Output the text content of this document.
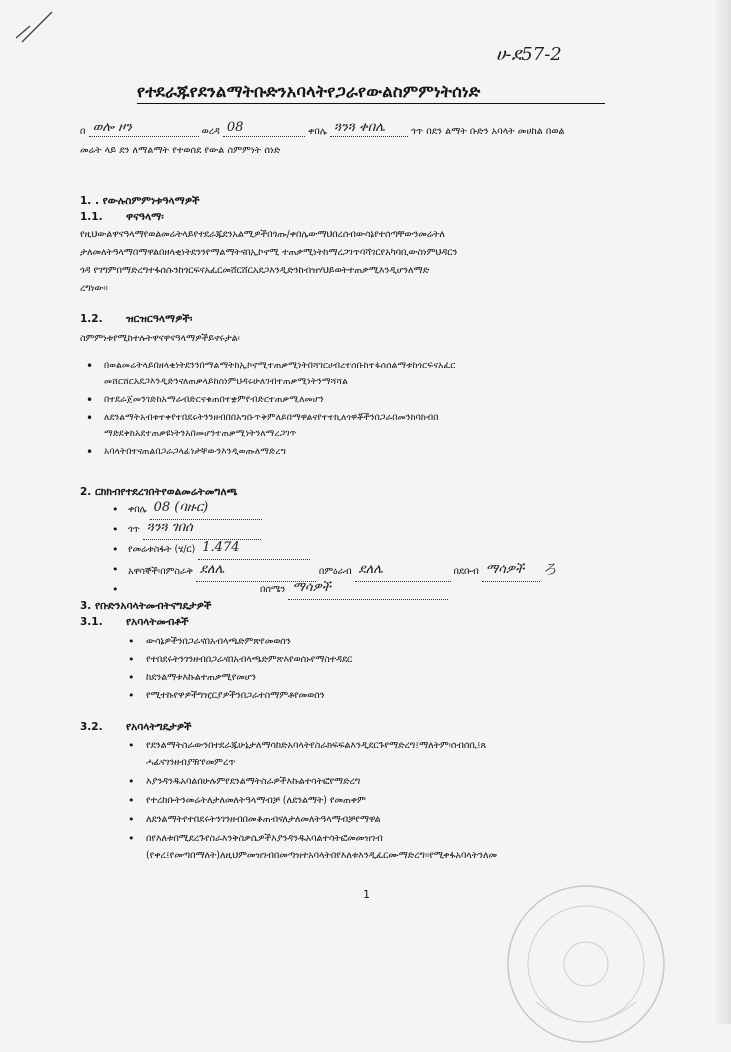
ሀ-ደ57-2
የተደራጁየደንልማትቡድንአባላትየጋራየውልስምምነትሰነድ
በ ወሎ ዞን	ወረዳ 08	ቀበሌ ጓንጓ ቀበሌ	ጎጥ በደን ልማት ቡድን አባላት መሀከል በወል
መሬት ላይ ደን ለማልማት የተወሰደ የውል ስምምነት ሰነድ
1. . የውሉስምምነቱዓላማዎች
1.1. ዋናዓላማ፡
የዚህውልዋናዓላማየወልመሬትላይየተደራጁደንአልሚዎችበጎጡ/ቀበሌውማህበረሰብውሳኔየተሰጣቸውንመሬትለ
ታለመለትዓላማበማዋልበዘላቂነትደንንየማልማትናበኢኮኖሚ ተጠቃሚነትከማረጋገጥባሻገርየአካባቢውስነምህዳርን
ጎዳ የገግምበማድረግተፋሰሱንከጎርፍናአፈርመሸርሸርአደጋእንዲድንከብዝሃህይወትተጠቃሚእንዲሆንለማድ
ረግነው።
1.2. ዝርዝርዓላማዎች፡
ስምምነቱየሚከተሉትዋናዋናዓላማዎችይኖሩታል፡
• በወልመሬትላይበዘላቂነትደንንበማልማትከኢኮኖሚተጠቃሚነትበሻገርሀብረተሰቡከተፋሰሰልማቱከጎርፍናአፈር
መሸርሸርአደጋእንዲድንናለጠቃላይከስነምህዳሩሁለገብተጠቃሚነትንማሻሻል
• በተደራጀመንገድከአማራብድርናቁጠበተቋምየብድርተጠቃሚለመሆን
• ለደንልማትአብቱተቀየተበደሩትንንዘብበበአግቡጥቅምለይበማዋልናየተተኪለጎዋቾችንበጋራበመንከባከብበ
ማድደቅከአደተጠቃዩነትንአበመሆንተጠቃሚነትንለማረጋገጥ
• አባላትበተናጠልበጋራጋላፊነታቸውንእንዲወጡለማድረግ
2. ርክክብየተደረገበትየወልመሬትመግለጫ
• ቀበሌ 08 (ባዙር)
• ጎጥ ጓንጓ ገበሰ
• የመሬቱስፋት (ሄ/ር) 1.474
• አዋሳኞች፡በምስራቅ ደለሌ	በምዕራብ ደለሌ	በደቡብ ማሳዎች ろ
• በሰሜን ማሳዎች
3. የቡድንአባላትመብትናግዴታዎች
3.1. የአባላትመብቶች
• ውሳኔዎችንበጋራናበአብላጫድምጽየመወሰን
• የተበደሩትንገንዘብበጋራናበአብላጫድምጽእየወሰኑየማስተዳደር
• ከደንልማቱእኩልተጠቃሚየመሆን
• የሚተኩየዋዎችግዢርያዎችንበጋራተስማምቶየመወሰን
3.2. የአባላትግዴታዎች
• የደንልማትስራውንበተደራጁሁኔታለማሳከድአባላትየስራክፍፍልእንዲደርጉየማድረግ፤ማለትም፡ሰብሰቢ፤ጸ
ሓፊናገንዘብያዥየመምረጥ
• እያንዳንዱአባልበሁሉምየደንልማትስራዎችእኩልተሳትፎየማድረግ
• የተረከቡትንመሬትለታለመለትዓላማብቻ (ለደንልማት) የመጠቀም
• ለደንልማትየተበደሩትንገንዘብበመቆጠብናለታለመለትዓላማብቻየማዋል
• በየእለቱበሚደረጉየስራእንቅስቃሴዎችእያንዳንዱአባልተሳትፎመመዝገብ
(የቀረ፤የመጣበማለት)ለዚህምመዝገብበመጣዝተአባላትበየእለቱእንዲፈርሙማድረግ።የሚቀፋአባላትንለመ
1
